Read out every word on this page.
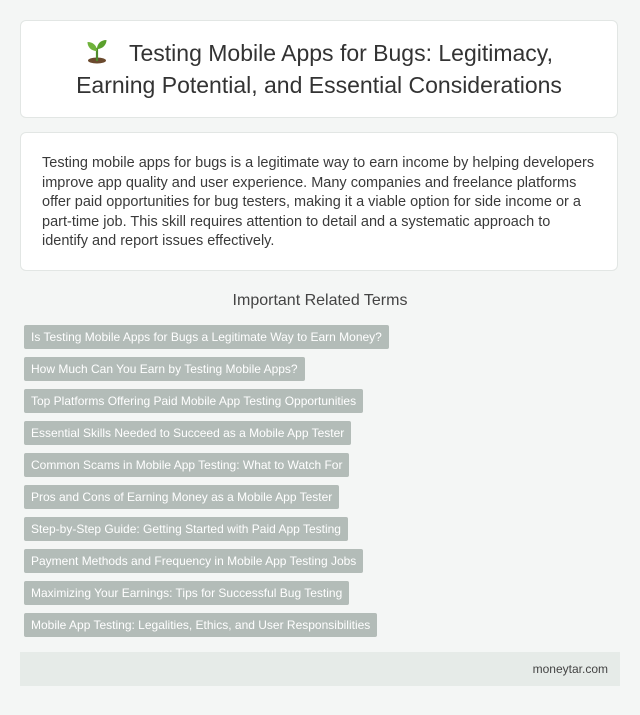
Testing Mobile Apps for Bugs: Legitimacy, Earning Potential, and Essential Considerations

Testing mobile apps for bugs is a legitimate way to earn income by helping developers improve app quality and user experience. Many companies and freelance platforms offer paid opportunities for bug testers, making it a viable option for side income or a part-time job. This skill requires attention to detail and a systematic approach to identify and report issues effectively.

Important Related Terms
Is Testing Mobile Apps for Bugs a Legitimate Way to Earn Money?
How Much Can You Earn by Testing Mobile Apps?
Top Platforms Offering Paid Mobile App Testing Opportunities
Essential Skills Needed to Succeed as a Mobile App Tester
Common Scams in Mobile App Testing: What to Watch For
Pros and Cons of Earning Money as a Mobile App Tester
Step-by-Step Guide: Getting Started with Paid App Testing
Payment Methods and Frequency in Mobile App Testing Jobs
Maximizing Your Earnings: Tips for Successful Bug Testing
Mobile App Testing: Legalities, Ethics, and User Responsibilities
moneytar.com
